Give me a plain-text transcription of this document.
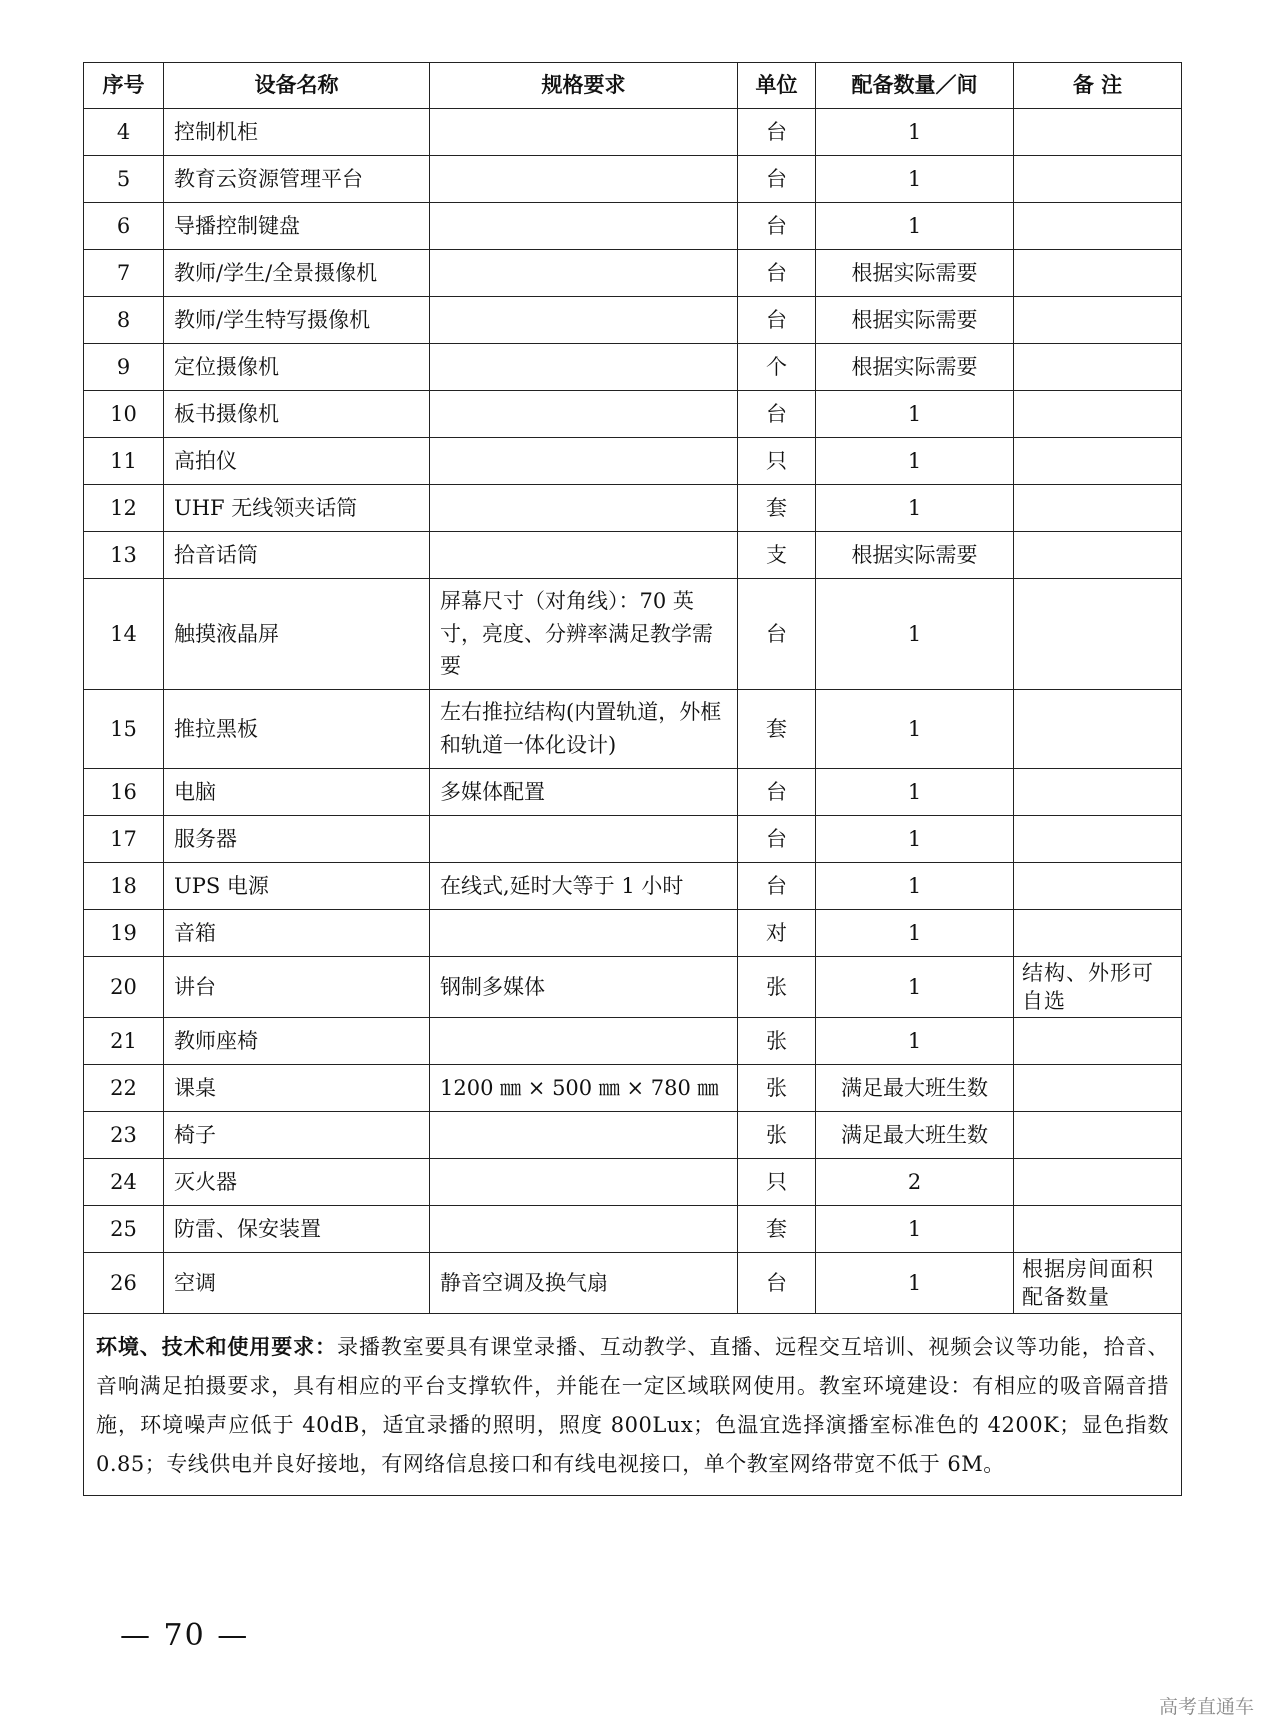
序号	设备名称	规格要求	单位	配备数量／间	备 注
4	控制机柜		台	1	
5	教育云资源管理平台		台	1	
6	导播控制键盘		台	1	
7	教师/学生/全景摄像机		台	根据实际需要	
8	教师/学生特写摄像机		台	根据实际需要	
9	定位摄像机		个	根据实际需要	
10	板书摄像机		台	1	
11	高拍仪		只	1	
12	UHF 无线领夹话筒		套	1	
13	拾音话筒		支	根据实际需要	
14	触摸液晶屏	屏幕尺寸（对角线）：70 英寸，亮度、分辨率满足教学需要	台	1	
15	推拉黑板	左右推拉结构(内置轨道，外框和轨道一体化设计)	套	1	
16	电脑	多媒体配置	台	1	
17	服务器		台	1	
18	UPS 电源	在线式,延时大等于 1 小时	台	1	
19	音箱		对	1	
20	讲台	钢制多媒体	张	1	结构、外形可自选
21	教师座椅		张	1	
22	课桌	1200 ㎜ × 500 ㎜ × 780 ㎜	张	满足最大班生数	
23	椅子		张	满足最大班生数	
24	灭火器		只	2	
25	防雷、保安装置		套	1	
26	空调	静音空调及换气扇	台	1	根据房间面积配备数量
环境、技术和使用要求：录播教室要具有课堂录播、互动教学、直播、远程交互培训、视频会议等功能，拾音、音响满足拍摄要求，具有相应的平台支撑软件，并能在一定区域联网使用。教室环境建设：有相应的吸音隔音措施，环境噪声应低于 40dB，适宜录播的照明，照度 800Lux；色温宜选择演播室标准色的 4200K；显色指数 0.85；专线供电并良好接地，有网络信息接口和有线电视接口，单个教室网络带宽不低于 6M。					
— 70 —
高考直通车
